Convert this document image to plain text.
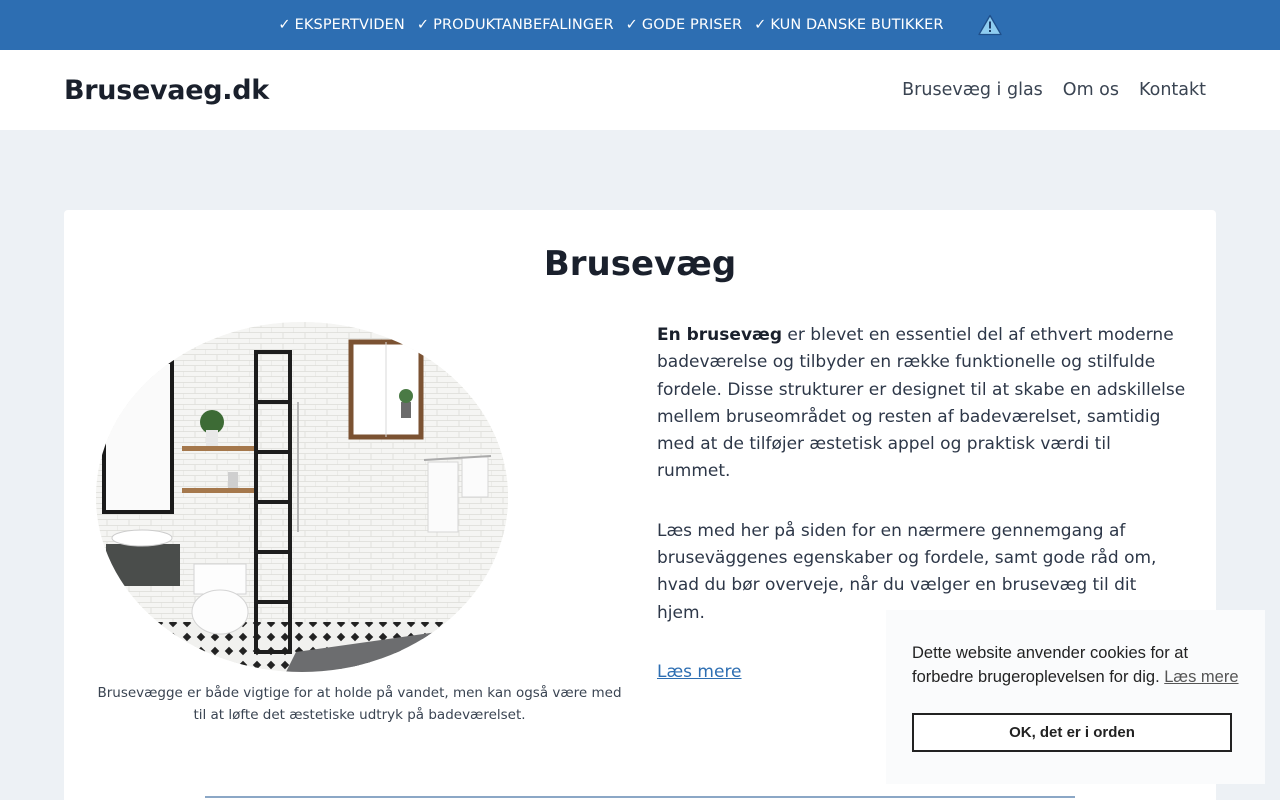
✓ EKSPERTVIDEN ✓ PRODUKTANBEFALINGER ✓ GODE PRISER ✓ KUN DANSKE BUTIKKER
Brusevaeg.dk	Brusevæg i glas Om os Kontakt
Brusevæg

Brusevægge er både vigtige for at holde på vandet, men kan også være med til at løfte det æstetiske udtryk på badeværelset.

En brusevæg er blevet en essentiel del af ethvert moderne badeværelse og tilbyder en række funktionelle og stilfulde fordele. Disse strukturer er designet til at skabe en adskillelse mellem bruseområdet og resten af badeværelset, samtidig med at de tilføjer æstetisk appel og praktisk værdi til rummet.

Læs med her på siden for en nærmere gennemgang af bruseväggenes egenskaber og fordele, samt gode råd om, hvad du bør overveje, når du vælger en brusevæg til dit hjem.

Læs mere

Dette website anvender cookies for at forbedre brugeroplevelsen for dig. Læs mere
OK, det er i orden
